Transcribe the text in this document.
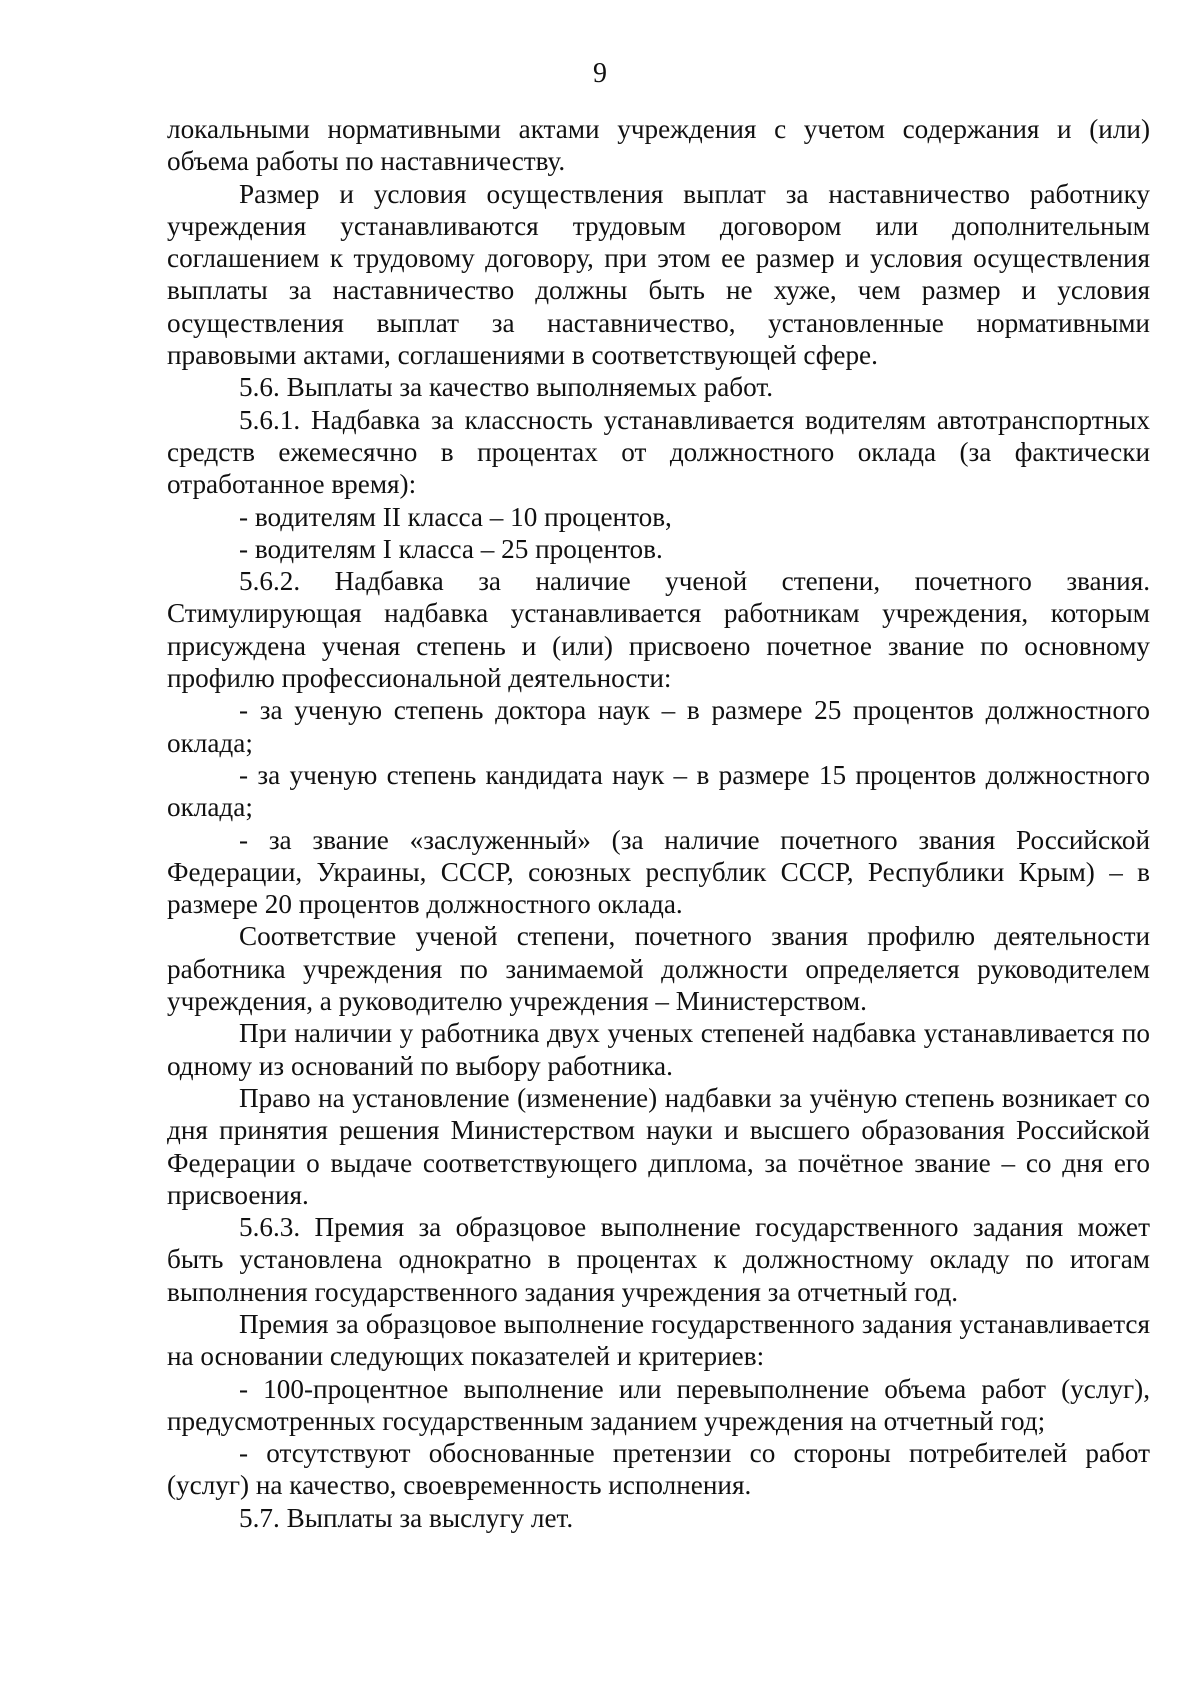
9

локальными нормативными актами учреждения с учетом содержания и (или) объема работы по наставничеству.

Размер и условия осуществления выплат за наставничество работнику учреждения устанавливаются трудовым договором или дополнительным соглашением к трудовому договору, при этом ее размер и условия осуществления выплаты за наставничество должны быть не хуже, чем размер и условия осуществления выплат за наставничество, установленные нормативными правовыми актами, соглашениями в соответствующей сфере.

5.6. Выплаты за качество выполняемых работ.

5.6.1. Надбавка за классность устанавливается водителям автотранспортных средств ежемесячно в процентах от должностного оклада (за фактически отработанное время):

- водителям II класса – 10 процентов,

- водителям I класса – 25 процентов.

5.6.2. Надбавка за наличие ученой степени, почетного звания. Стимулирующая надбавка устанавливается работникам учреждения, которым присуждена ученая степень и (или) присвоено почетное звание по основному профилю профессиональной деятельности:

- за ученую степень доктора наук – в размере 25 процентов должностного оклада;

- за ученую степень кандидата наук – в размере 15 процентов должностного оклада;

- за звание «заслуженный» (за наличие почетного звания Российской Федерации, Украины, СССР, союзных республик СССР, Республики Крым) – в размере 20 процентов должностного оклада.

Соответствие ученой степени, почетного звания профилю деятельности работника учреждения по занимаемой должности определяется руководителем учреждения, а руководителю учреждения – Министерством.

При наличии у работника двух ученых степеней надбавка устанавливается по одному из оснований по выбору работника.

Право на установление (изменение) надбавки за учёную степень возникает со дня принятия решения Министерством науки и высшего образования Российской Федерации о выдаче соответствующего диплома, за почётное звание – со дня его присвоения.

5.6.3. Премия за образцовое выполнение государственного задания может быть установлена однократно в процентах к должностному окладу по итогам выполнения государственного задания учреждения за отчетный год.

Премия за образцовое выполнение государственного задания устанавливается на основании следующих показателей и критериев:

- 100-процентное выполнение или перевыполнение объема работ (услуг), предусмотренных государственным заданием учреждения на отчетный год;

- отсутствуют обоснованные претензии со стороны потребителей работ (услуг) на качество, своевременность исполнения.

5.7. Выплаты за выслугу лет.
